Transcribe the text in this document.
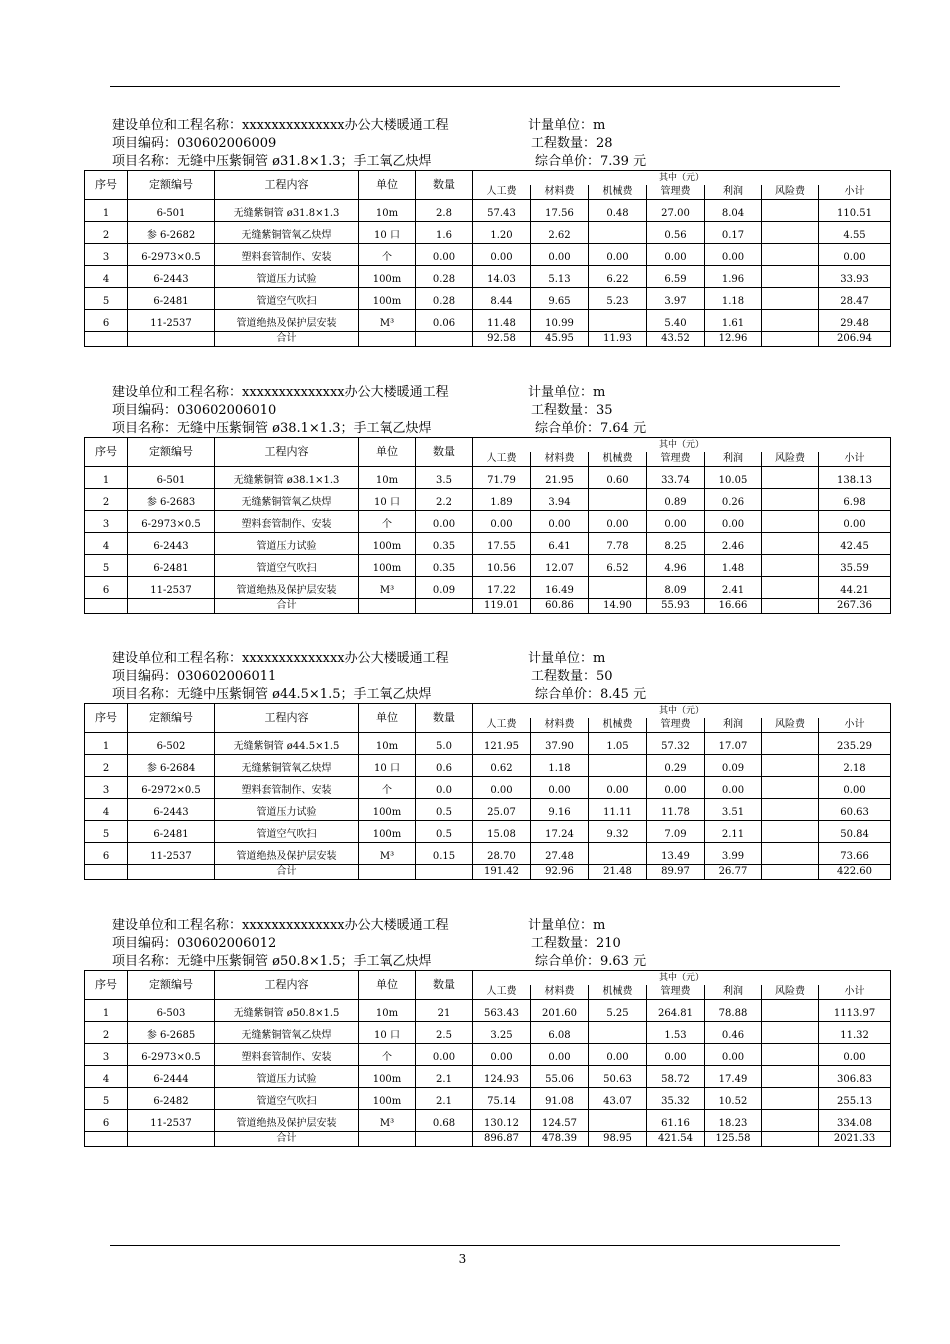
建设单位和工程名称：xxxxxxxxxxxxxx办公大楼暖通工程	计量单位：m
项目编码：030602006009	工程数量：28
项目名称：无缝中压紫铜管 ø31.8×1.3；手工氧乙炔焊	综合单价：7.39 元
序号	定额编号	工程内容	单位	数量	其中（元）						
					人工费	材料费	机械费	管理费	利润	风险费	小计
1	6-501	无缝紫铜管 ø31.8×1.3	10m	2.8	57.43	17.56	0.48	27.00	8.04		110.51
2	参 6-2682	无缝紫铜管氧乙炔焊	10 口	1.6	1.20	2.62		0.56	0.17		4.55
3	6-2973×0.5	塑料套管制作、安装	个	0.00	0.00	0.00	0.00	0.00	0.00		0.00
4	6-2443	管道压力试验	100m	0.28	14.03	5.13	6.22	6.59	1.96		33.93
5	6-2481	管道空气吹扫	100m	0.28	8.44	9.65	5.23	3.97	1.18		28.47
6	11-2537	管道绝热及保护层安装	M³	0.06	11.48	10.99		5.40	1.61		29.48
		合计			92.58	45.95	11.93	43.52	12.96		206.94
建设单位和工程名称：xxxxxxxxxxxxxx办公大楼暖通工程	计量单位：m
项目编码：030602006010	工程数量：35
项目名称：无缝中压紫铜管 ø38.1×1.3；手工氧乙炔焊	综合单价：7.64 元
序号	定额编号	工程内容	单位	数量	其中（元）						
					人工费	材料费	机械费	管理费	利润	风险费	小计
1	6-501	无缝紫铜管 ø38.1×1.3	10m	3.5	71.79	21.95	0.60	33.74	10.05		138.13
2	参 6-2683	无缝紫铜管氧乙炔焊	10 口	2.2	1.89	3.94		0.89	0.26		6.98
3	6-2973×0.5	塑料套管制作、安装	个	0.00	0.00	0.00	0.00	0.00	0.00		0.00
4	6-2443	管道压力试验	100m	0.35	17.55	6.41	7.78	8.25	2.46		42.45
5	6-2481	管道空气吹扫	100m	0.35	10.56	12.07	6.52	4.96	1.48		35.59
6	11-2537	管道绝热及保护层安装	M³	0.09	17.22	16.49		8.09	2.41		44.21
		合计			119.01	60.86	14.90	55.93	16.66		267.36
建设单位和工程名称：xxxxxxxxxxxxxx办公大楼暖通工程	计量单位：m
项目编码：030602006011	工程数量：50
项目名称：无缝中压紫铜管 ø44.5×1.5；手工氧乙炔焊	综合单价：8.45 元
序号	定额编号	工程内容	单位	数量	其中（元）						
					人工费	材料费	机械费	管理费	利润	风险费	小计
1	6-502	无缝紫铜管 ø44.5×1.5	10m	5.0	121.95	37.90	1.05	57.32	17.07		235.29
2	参 6-2684	无缝紫铜管氧乙炔焊	10 口	0.6	0.62	1.18		0.29	0.09		2.18
3	6-2972×0.5	塑料套管制作、安装	个	0.0	0.00	0.00	0.00	0.00	0.00		0.00
4	6-2443	管道压力试验	100m	0.5	25.07	9.16	11.11	11.78	3.51		60.63
5	6-2481	管道空气吹扫	100m	0.5	15.08	17.24	9.32	7.09	2.11		50.84
6	11-2537	管道绝热及保护层安装	M³	0.15	28.70	27.48		13.49	3.99		73.66
		合计			191.42	92.96	21.48	89.97	26.77		422.60
建设单位和工程名称：xxxxxxxxxxxxxx办公大楼暖通工程	计量单位：m
项目编码：030602006012	工程数量：210
项目名称：无缝中压紫铜管 ø50.8×1.5；手工氧乙炔焊	综合单价：9.63 元
序号	定额编号	工程内容	单位	数量	其中（元）						
					人工费	材料费	机械费	管理费	利润	风险费	小计
1	6-503	无缝紫铜管 ø50.8×1.5	10m	21	563.43	201.60	5.25	264.81	78.88		1113.97
2	参 6-2685	无缝紫铜管氧乙炔焊	10 口	2.5	3.25	6.08		1.53	0.46		11.32
3	6-2973×0.5	塑料套管制作、安装	个	0.00	0.00	0.00	0.00	0.00	0.00		0.00
4	6-2444	管道压力试验	100m	2.1	124.93	55.06	50.63	58.72	17.49		306.83
5	6-2482	管道空气吹扫	100m	2.1	75.14	91.08	43.07	35.32	10.52		255.13
6	11-2537	管道绝热及保护层安装	M³	0.68	130.12	124.57		61.16	18.23		334.08
		合计			896.87	478.39	98.95	421.54	125.58		2021.33
3
